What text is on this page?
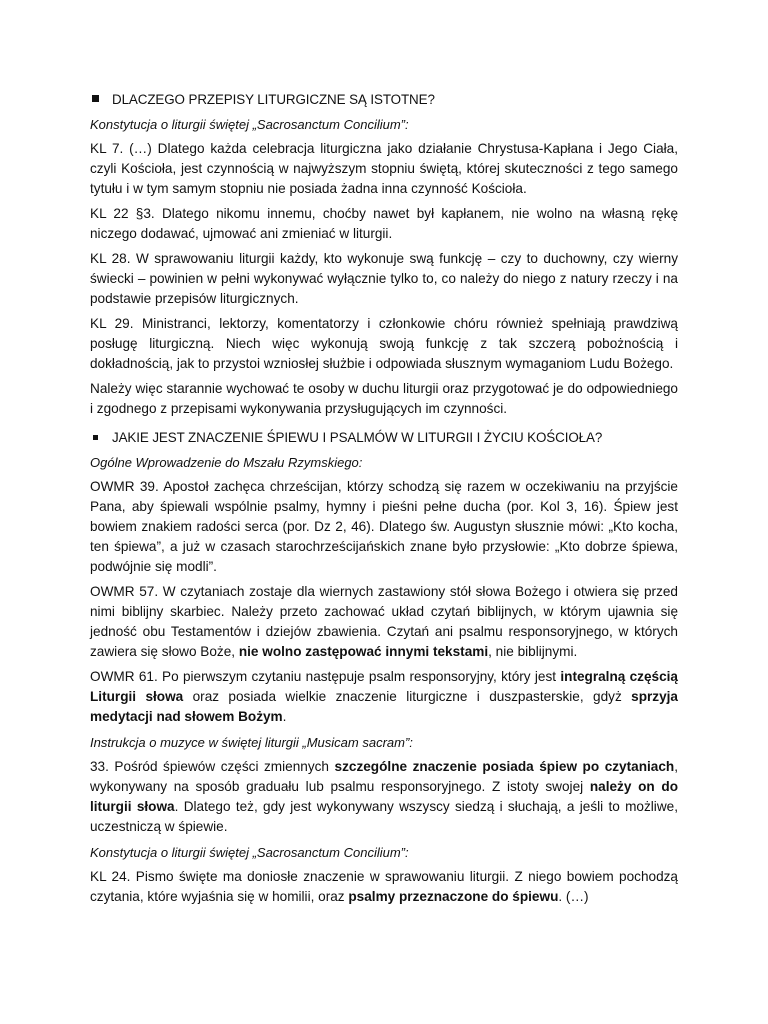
DLACZEGO PRZEPISY LITURGICZNE SĄ ISTOTNE?
Konstytucja o liturgii świętej „Sacrosanctum Concilium”:
KL 7. (…) Dlatego każda celebracja liturgiczna jako działanie Chrystusa-Kapłana i Jego Ciała, czyli Kościoła, jest czynnością w najwyższym stopniu świętą, której skuteczności z tego samego tytułu i w tym samym stopniu nie posiada żadna inna czynność Kościoła.
KL 22 §3. Dlatego nikomu innemu, choćby nawet był kapłanem, nie wolno na własną rękę niczego dodawać, ujmować ani zmieniać w liturgii.
KL 28. W sprawowaniu liturgii każdy, kto wykonuje swą funkcję – czy to duchowny, czy wierny świecki – powinien w pełni wykonywać wyłącznie tylko to, co należy do niego z natury rzeczy i na podstawie przepisów liturgicznych.
KL 29. Ministranci, lektorzy, komentatorzy i członkowie chóru również spełniają prawdziwą posługę liturgiczną. Niech więc wykonują swoją funkcję z tak szczerą pobożnością i dokładnością, jak to przystoi wzniosłej służbie i odpowiada słusznym wymaganiom Ludu Bożego.
Należy więc starannie wychować te osoby w duchu liturgii oraz przygotować je do odpowiedniego i zgodnego z przepisami wykonywania przysługujących im czynności.
JAKIE JEST ZNACZENIE ŚPIEWU I PSALMÓW W LITURGII I ŻYCIU KOŚCIOŁA?
Ogólne Wprowadzenie do Mszału Rzymskiego:
OWMR 39. Apostoł zachęca chrześcijan, którzy schodzą się razem w oczekiwaniu na przyjście Pana, aby śpiewali wspólnie psalmy, hymny i pieśni pełne ducha (por. Kol 3, 16). Śpiew jest bowiem znakiem radości serca (por. Dz 2, 46). Dlatego św. Augustyn słusznie mówi: „Kto kocha, ten śpiewa”, a już w czasach starochrześcijańskich znane było przysłowie: „Kto dobrze śpiewa, podwójnie się modli”.
OWMR 57. W czytaniach zostaje dla wiernych zastawiony stół słowa Bożego i otwiera się przed nimi biblijny skarbiec. Należy przeto zachować układ czytań biblijnych, w którym ujawnia się jedność obu Testamentów i dziejów zbawienia. Czytań ani psalmu responsoryjnego, w których zawiera się słowo Boże, nie wolno zastępować innymi tekstami, nie biblijnymi.
OWMR 61. Po pierwszym czytaniu następuje psalm responsoryjny, który jest integralną częścią Liturgii słowa oraz posiada wielkie znaczenie liturgiczne i duszpasterskie, gdyż sprzyja medytacji nad słowem Bożym.
Instrukcja o muzyce w świętej liturgii „Musicam sacram”:
33. Pośród śpiewów części zmiennych szczególne znaczenie posiada śpiew po czytaniach, wykonywany na sposób graduału lub psalmu responsoryjnego. Z istoty swojej należy on do liturgii słowa. Dlatego też, gdy jest wykonywany wszyscy siedzą i słuchają, a jeśli to możliwe, uczestniczą w śpiewie.
Konstytucja o liturgii świętej „Sacrosanctum Concilium”:
KL 24. Pismo święte ma doniosłe znaczenie w sprawowaniu liturgii. Z niego bowiem pochodzą czytania, które wyjaśnia się w homilii, oraz psalmy przeznaczone do śpiewu. (…)
